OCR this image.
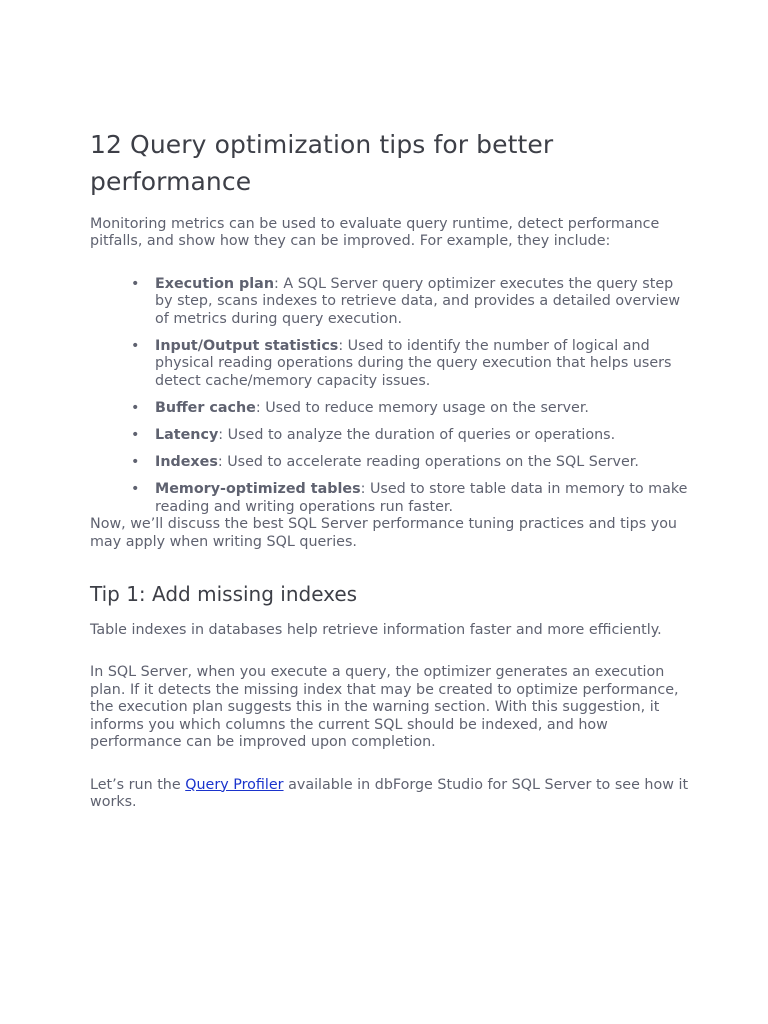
12 Query optimization tips for better performance

Monitoring metrics can be used to evaluate query runtime, detect performance pitfalls, and show how they can be improved. For example, they include:

• Execution plan: A SQL Server query optimizer executes the query step by step, scans indexes to retrieve data, and provides a detailed overview of metrics during query execution.
• Input/Output statistics: Used to identify the number of logical and physical reading operations during the query execution that helps users detect cache/memory capacity issues.
• Buffer cache: Used to reduce memory usage on the server.
• Latency: Used to analyze the duration of queries or operations.
• Indexes: Used to accelerate reading operations on the SQL Server.
• Memory-optimized tables: Used to store table data in memory to make reading and writing operations run faster.

Now, we’ll discuss the best SQL Server performance tuning practices and tips you may apply when writing SQL queries.

Tip 1: Add missing indexes

Table indexes in databases help retrieve information faster and more efficiently.

In SQL Server, when you execute a query, the optimizer generates an execution plan. If it detects the missing index that may be created to optimize performance, the execution plan suggests this in the warning section. With this suggestion, it informs you which columns the current SQL should be indexed, and how performance can be improved upon completion.

Let’s run the Query Profiler available in dbForge Studio for SQL Server to see how it works.
